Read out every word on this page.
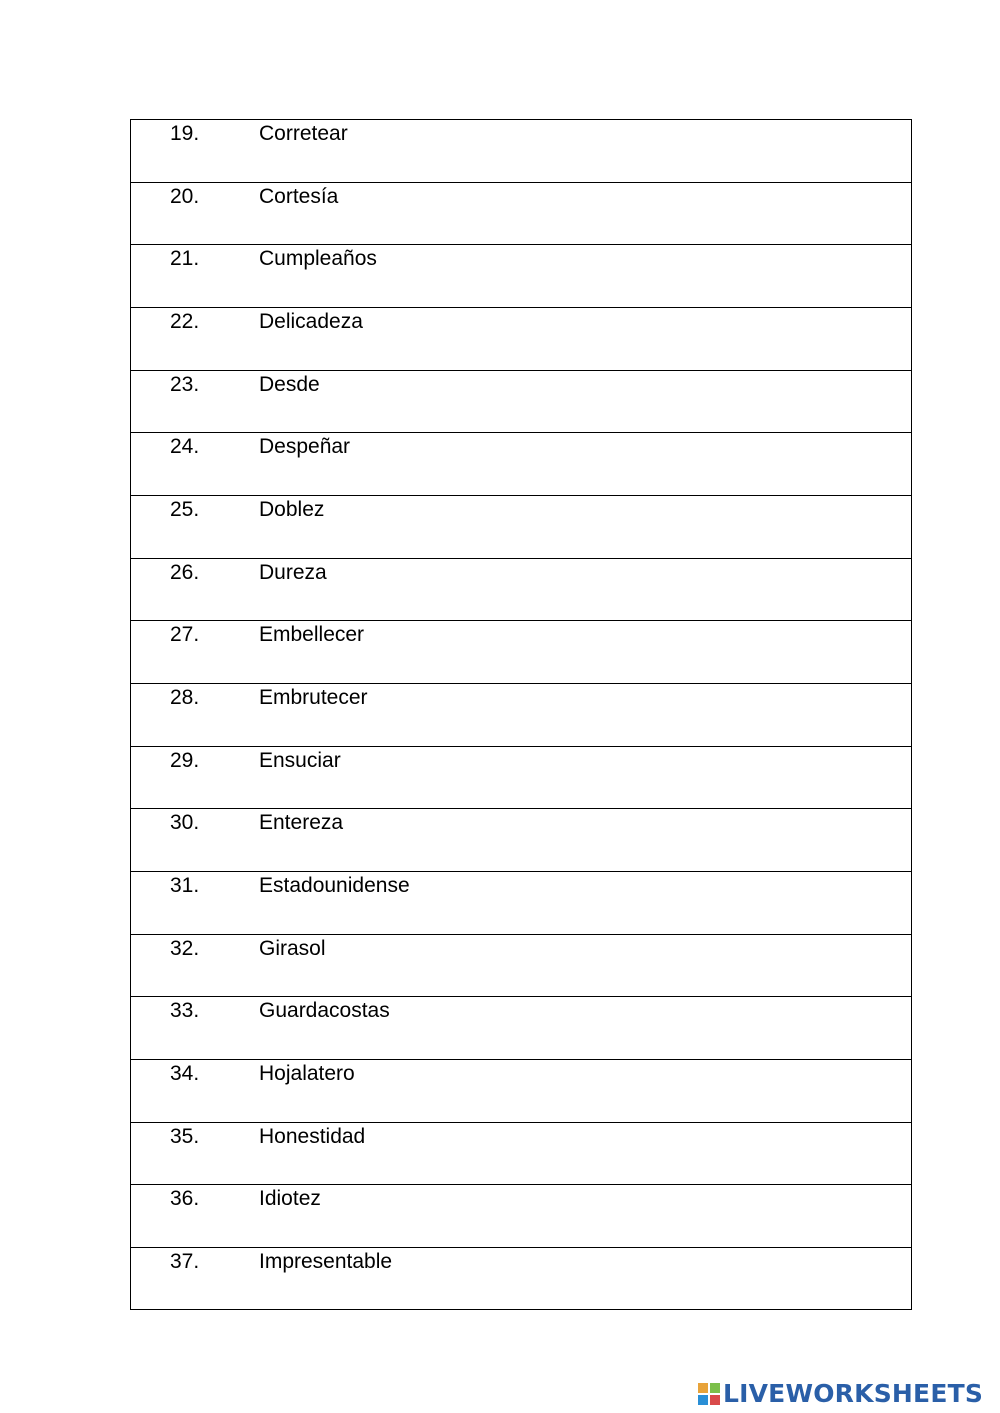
19.	Corretear
20.	Cortesía
21.	Cumpleaños
22.	Delicadeza
23.	Desde
24.	Despeñar
25.	Doblez
26.	Dureza
27.	Embellecer
28.	Embrutecer
29.	Ensuciar
30.	Entereza
31.	Estadounidense
32.	Girasol
33.	Guardacostas
34.	Hojalatero
35.	Honestidad
36.	Idiotez
37.	Impresentable
LIVEWORKSHEETS
